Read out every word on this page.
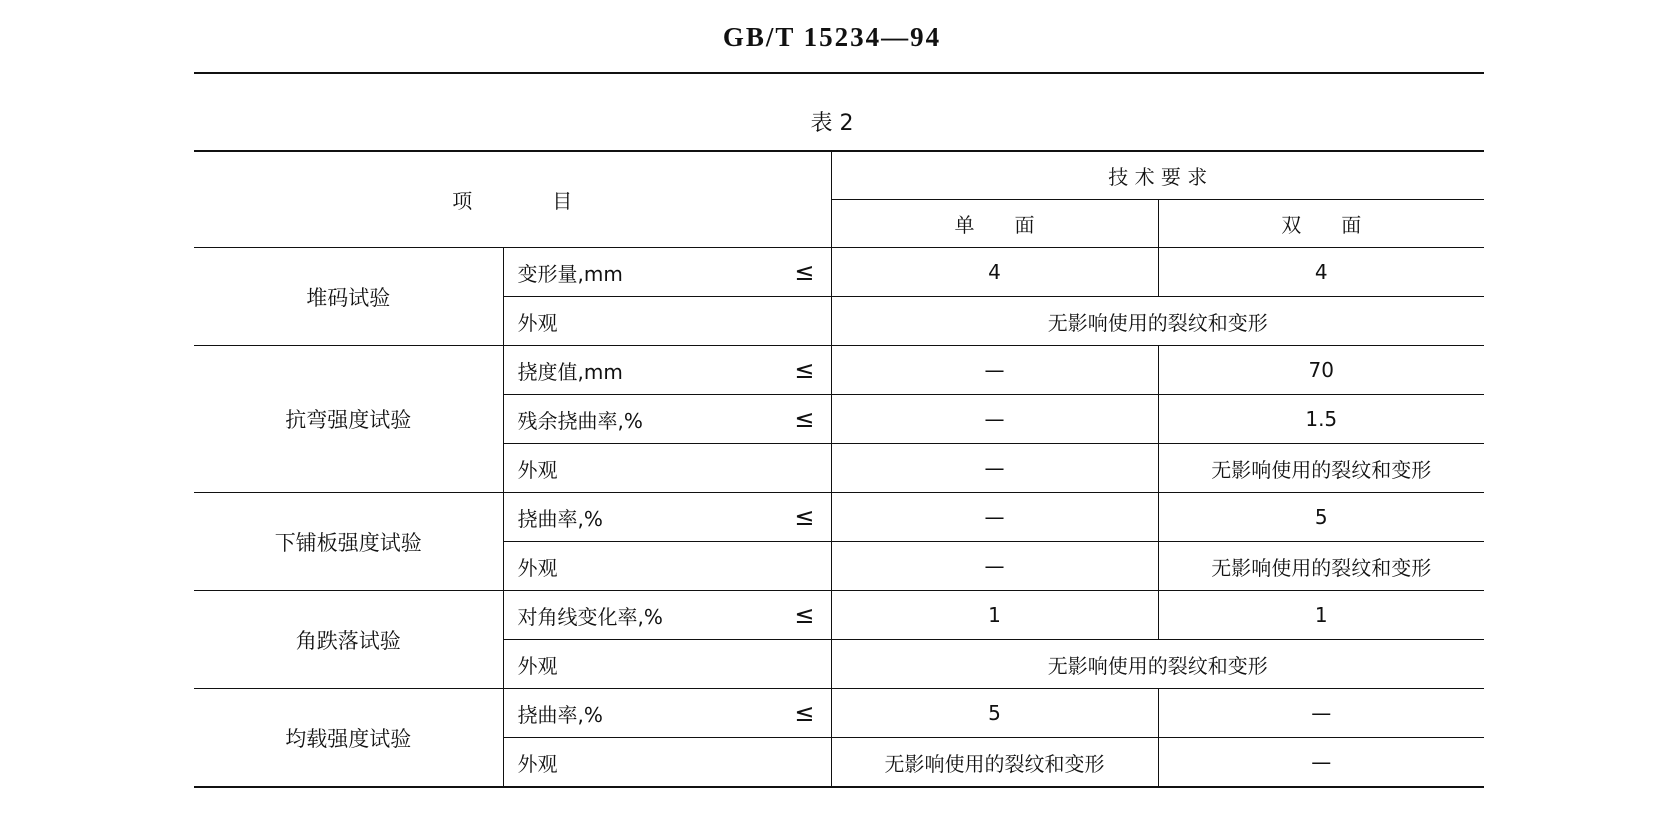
GB/T 15234—94
表 2
项　　　　目		技 术 要 求	
		单　　面	双　　面
堆码试验	变形量,mm ≤	4	4

	外观	无影响使用的裂纹和变形	
抗弯强度试验	挠度值,mm ≤	—	70

	残余挠曲率,% ≤	—	1.5

	外观	—	无影响使用的裂纹和变形
下铺板强度试验	挠曲率,% ≤	—	5

	外观	—	无影响使用的裂纹和变形
角跌落试验	对角线变化率,% ≤	1	1

	外观	无影响使用的裂纹和变形	
均载强度试验	挠曲率,% ≤	5	—

	外观	无影响使用的裂纹和变形	—
